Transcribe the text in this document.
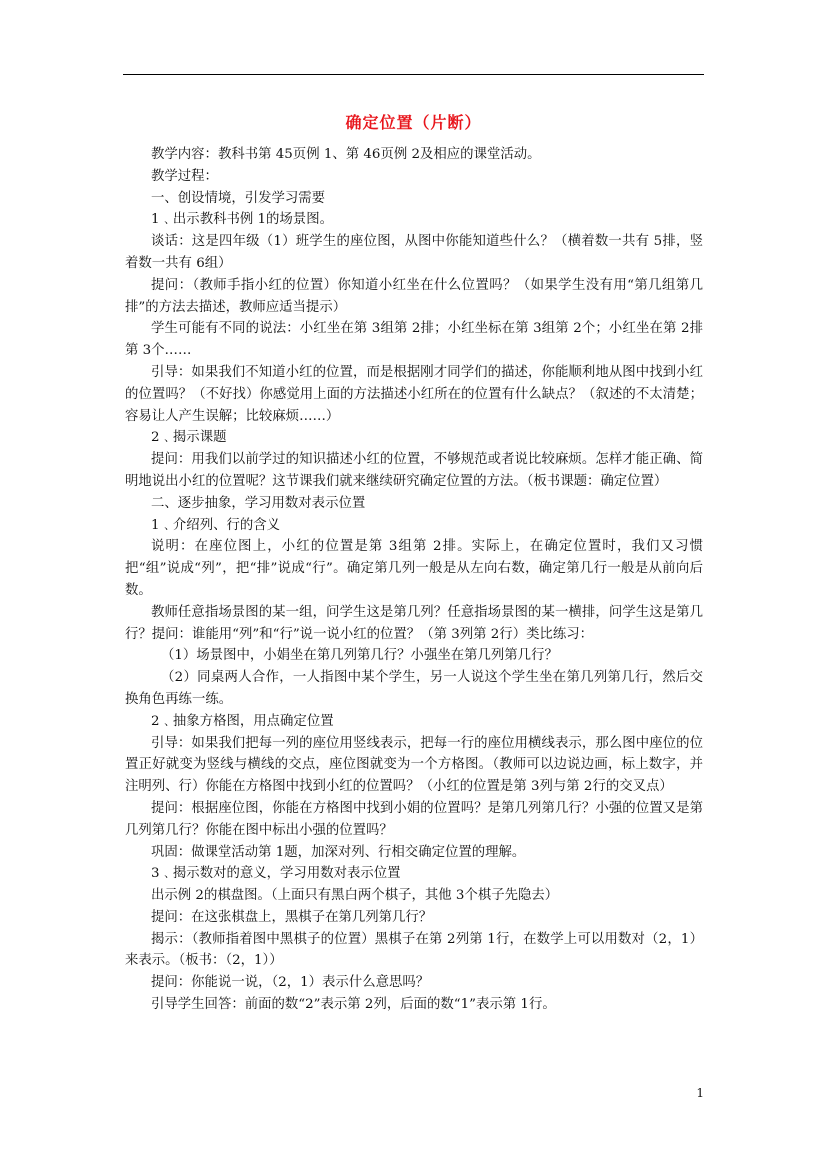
确定位置（片断）

教学内容：教科书第 45页例 1、第 46页例 2及相应的课堂活动。

教学过程：

一、创设情境，引发学习需要

1﹑出示教科书例 1的场景图。

谈话：这是四年级（1）班学生的座位图，从图中你能知道些什么？（横着数一共有 5排，竖着数一共有 6组）

提问：（教师手指小红的位置）你知道小红坐在什么位置吗？（如果学生没有用“第几组第几排”的方法去描述，教师应适当提示）

学生可能有不同的说法：小红坐在第 3组第 2排；小红坐标在第 3组第 2个；小红坐在第 2排第 3个……

引导：如果我们不知道小红的位置，而是根据刚才同学们的描述，你能顺利地从图中找到小红的位置吗？（不好找）你感觉用上面的方法描述小红所在的位置有什么缺点？（叙述的不太清楚；容易让人产生误解；比较麻烦……）

2﹑揭示课题

提问：用我们以前学过的知识描述小红的位置，不够规范或者说比较麻烦。怎样才能正确、简明地说出小红的位置呢？这节课我们就来继续研究确定位置的方法。（板书课题：确定位置）

二、逐步抽象，学习用数对表示位置

1﹑介绍列、行的含义

说明：在座位图上，小红的位置是第 3组第 2排。实际上，在确定位置时，我们又习惯把“组”说成“列”，把“排”说成“行”。确定第几列一般是从左向右数，确定第几行一般是从前向后数。

教师任意指场景图的某一组，问学生这是第几列？任意指场景图的某一横排，问学生这是第几行？提问：谁能用“列”和“行”说一说小红的位置？（第 3列第 2行）类比练习：

（1）场景图中，小娟坐在第几列第几行？小强坐在第几列第几行？

（2）同桌两人合作，一人指图中某个学生，另一人说这个学生坐在第几列第几行，然后交换角色再练一练。

2﹑抽象方格图，用点确定位置

引导：如果我们把每一列的座位用竖线表示，把每一行的座位用横线表示，那么图中座位的位置正好就变为竖线与横线的交点，座位图就变为一个方格图。（教师可以边说边画，标上数字，并注明列、行）你能在方格图中找到小红的位置吗？（小红的位置是第 3列与第 2行的交叉点）

提问：根据座位图，你能在方格图中找到小娟的位置吗？是第几列第几行？小强的位置又是第几列第几行？你能在图中标出小强的位置吗？

巩固：做课堂活动第 1题，加深对列、行相交确定位置的理解。

3﹑揭示数对的意义，学习用数对表示位置

出示例 2的棋盘图。（上面只有黑白两个棋子，其他 3个棋子先隐去）

提问：在这张棋盘上，黑棋子在第几列第几行？

揭示：（教师指着图中黑棋子的位置）黑棋子在第 2列第 1行，在数学上可以用数对（2，1）来表示。（板书：（2，1））

提问：你能说一说，（2，1）表示什么意思吗？

引导学生回答：前面的数“2”表示第 2列，后面的数“1”表示第 1行。

1
